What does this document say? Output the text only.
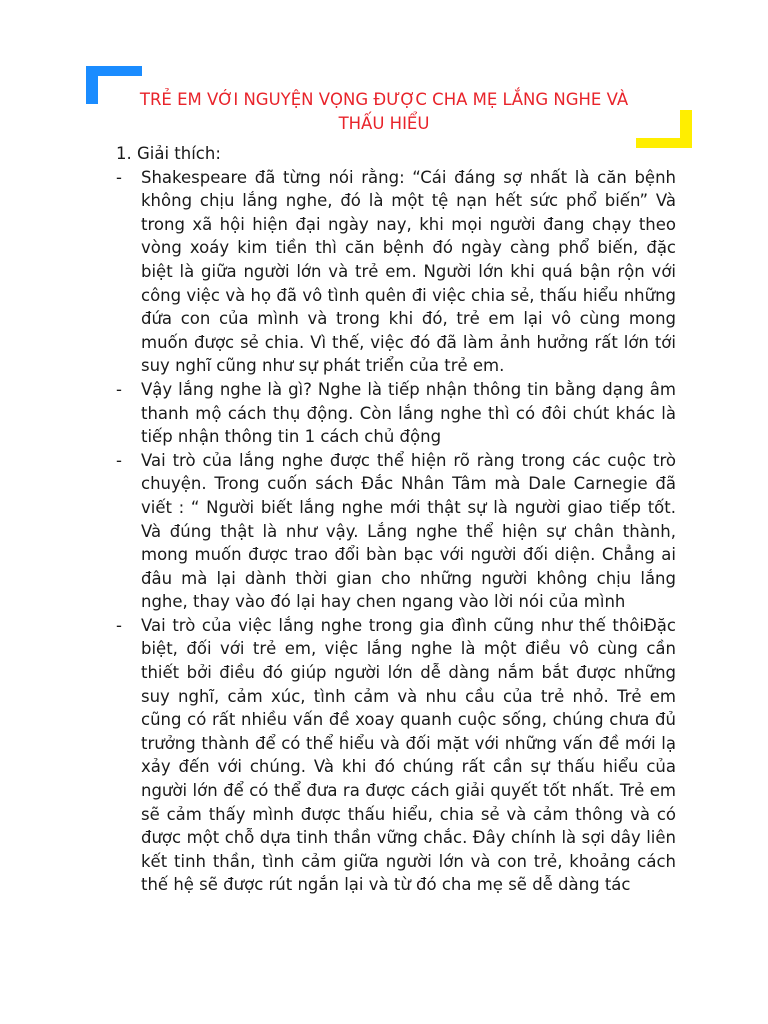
TRẺ EM VỚI NGUYỆN VỌNG ĐƯỢC CHA MẸ LẮNG NGHE VÀ
THẤU HIỂU

1. Giải thích:

- Shakespeare đã từng nói rằng: “Cái đáng sợ nhất là căn bệnh không chịu lắng nghe, đó là một tệ nạn hết sức phổ biến” Và trong xã hội hiện đại ngày nay, khi mọi người đang chạy theo vòng xoáy kim tiền thì căn bệnh đó ngày càng phổ biến, đặc biệt là giữa người lớn và trẻ em. Người lớn khi quá bận rộn với công việc và họ đã vô tình quên đi việc chia sẻ, thấu hiểu những đứa con của mình và trong khi đó, trẻ em lại vô cùng mong muốn được sẻ chia. Vì thế, việc đó đã làm ảnh hưởng rất lớn tới suy nghĩ cũng như sự phát triển của trẻ em.

- Vậy lắng nghe là gì? Nghe là tiếp nhận thông tin bằng dạng âm thanh mộ cách thụ động. Còn lắng nghe thì có đôi chút khác là tiếp nhận thông tin 1 cách chủ động

- Vai trò của lắng nghe được thể hiện rõ ràng trong các cuộc trò chuyện. Trong cuốn sách Đắc Nhân Tâm mà Dale Carnegie đã viết : “ Người biết lắng nghe mới thật sự là người giao tiếp tốt. Và đúng thật là như vậy. Lắng nghe thể hiện sự chân thành, mong muốn được trao đổi bàn bạc với người đối diện. Chẳng ai đâu mà lại dành thời gian cho những người không chịu lắng nghe, thay vào đó lại hay chen ngang vào lời nói của mình

- Vai trò của việc lắng nghe trong gia đình cũng như thế thôiĐặc biệt, đối với trẻ em, việc lắng nghe là một điều vô cùng cần thiết bởi điều đó giúp người lớn dễ dàng nắm bắt được những suy nghĩ, cảm xúc, tình cảm và nhu cầu của trẻ nhỏ. Trẻ em cũng có rất nhiều vấn đề xoay quanh cuộc sống, chúng chưa đủ trưởng thành để có thể hiểu và đối mặt với những vấn đề mới lạ xảy đến với chúng. Và khi đó chúng rất cần sự thấu hiểu của người lớn để có thể đưa ra được cách giải quyết tốt nhất. Trẻ em sẽ cảm thấy mình được thấu hiểu, chia sẻ và cảm thông và có được một chỗ dựa tinh thần vững chắc. Đây chính là sợi dây liên kết tinh thần, tình cảm giữa người lớn và con trẻ, khoảng cách thế hệ sẽ được rút ngắn lại và từ đó cha mẹ sẽ dễ dàng tác
